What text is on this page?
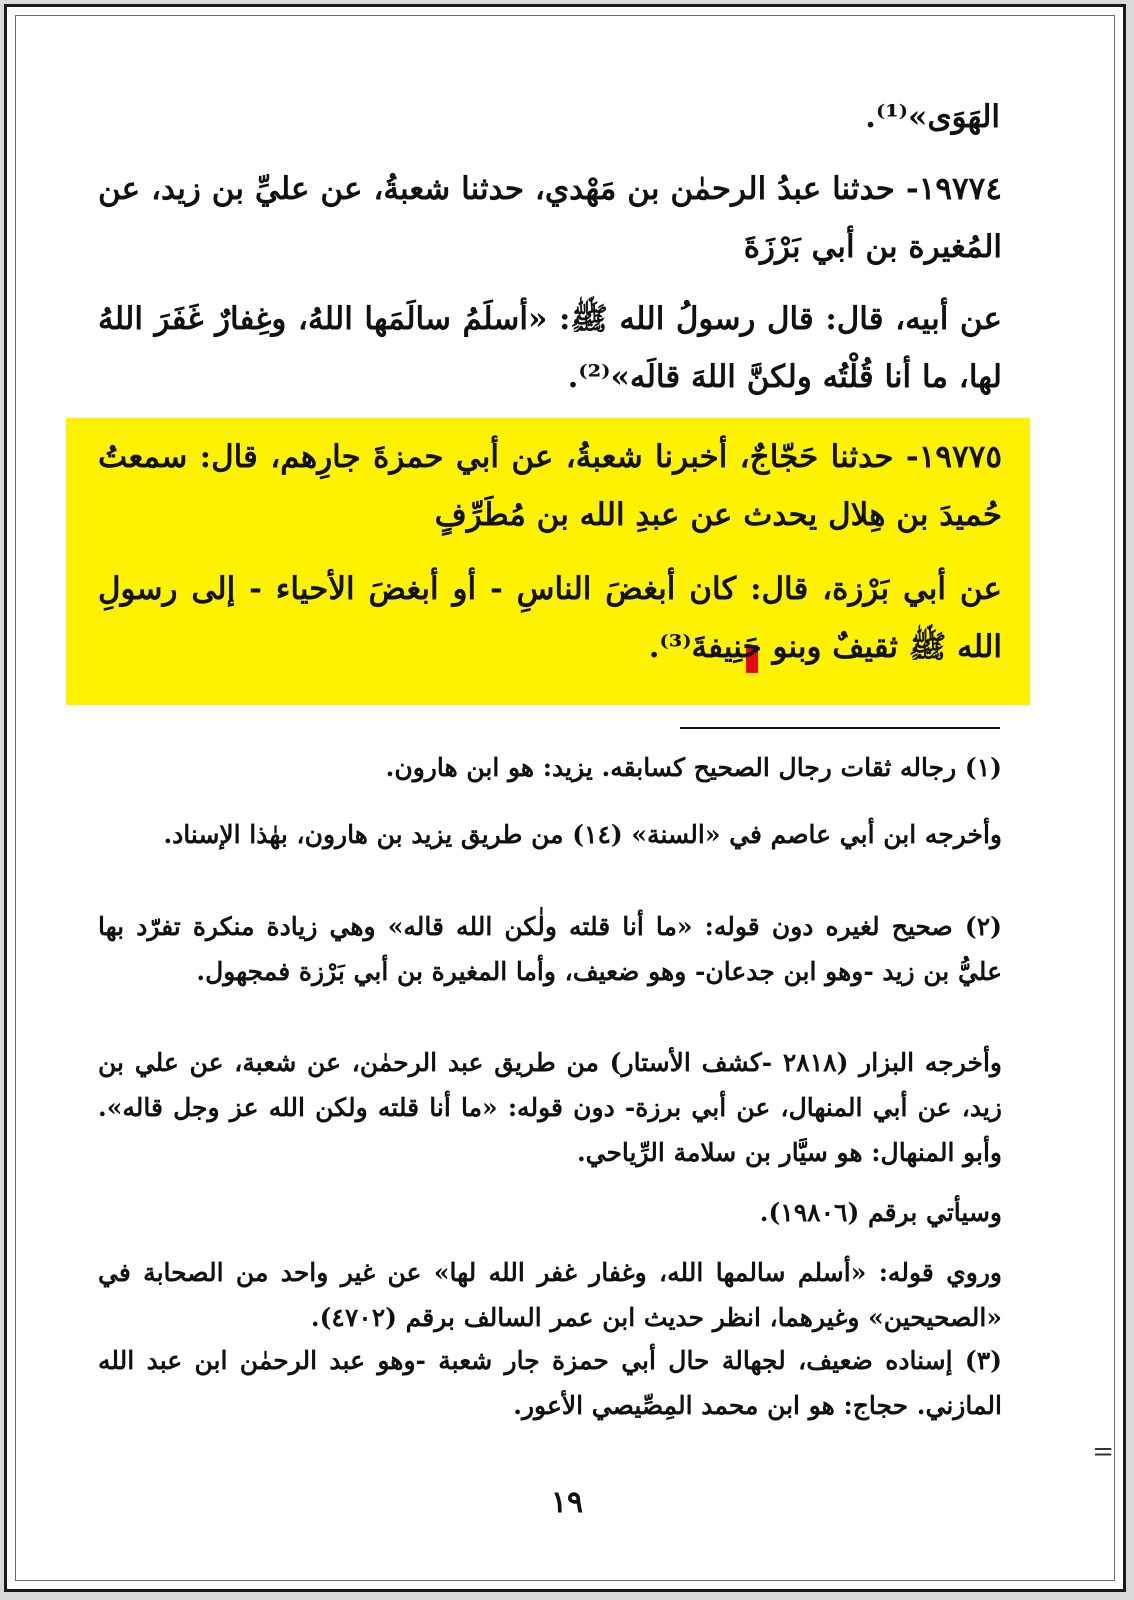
الهَوَى»⁽¹⁾.
١٩٧٧٤- حدثنا عبدُ الرحمٰن بن مَهْدي، حدثنا شعبةُ، عن عليِّ بن زيد، عن المُغيرة بن أبي بَرْزَةَ
عن أبيه، قال: قال رسولُ الله ﷺ: «أسلَمُ سالَمَها اللهُ، وغِفارٌ غَفَرَ اللهُ لها، ما أنا قُلْتُه ولكنَّ اللهَ قالَه»⁽²⁾.
١٩٧٧٥- حدثنا حَجّاجٌ، أخبرنا شعبةُ، عن أبي حمزةَ جارِهم، قال: سمعتُ حُميدَ بن هِلال يحدث عن عبدِ الله بن مُطَرِّفٍ
عن أبي بَرْزة، قال: كان أبغضَ الناسِ - أو أبغضَ الأحياء - إلى رسولِ الله ﷺ ثقيفٌ وبنو حَنِيفةَ⁽³⁾.
(١) رجاله ثقات رجال الصحيح كسابقه. يزيد: هو ابن هارون.
وأخرجه ابن أبي عاصم في «السنة» (١٤) من طريق يزيد بن هارون، بهٰذا الإسناد.
(٢) صحيح لغيره دون قوله: «ما أنا قلته ولٰكن الله قاله» وهي زيادة منكرة تفرّد بها عليُّ بن زيد -وهو ابن جدعان- وهو ضعيف، وأما المغيرة بن أبي بَرْزة فمجهول.
وأخرجه البزار (٢٨١٨ -كشف الأستار) من طريق عبد الرحمٰن، عن شعبة، عن علي بن زيد، عن أبي المنهال، عن أبي برزة- دون قوله: «ما أنا قلته ولكن الله عز وجل قاله». وأبو المنهال: هو سيَّار بن سلامة الرِّياحي.
وسيأتي برقم (١٩٨٠٦).
وروي قوله: «أسلم سالمها الله، وغفار غفر الله لها» عن غير واحد من الصحابة في «الصحيحين» وغيرهما، انظر حديث ابن عمر السالف برقم (٤٧٠٢).
(٣) إسناده ضعيف، لجهالة حال أبي حمزة جار شعبة -وهو عبد الرحمٰن ابن عبد الله المازني. حجاج: هو ابن محمد المِصِّيصي الأعور.
١٩
=
